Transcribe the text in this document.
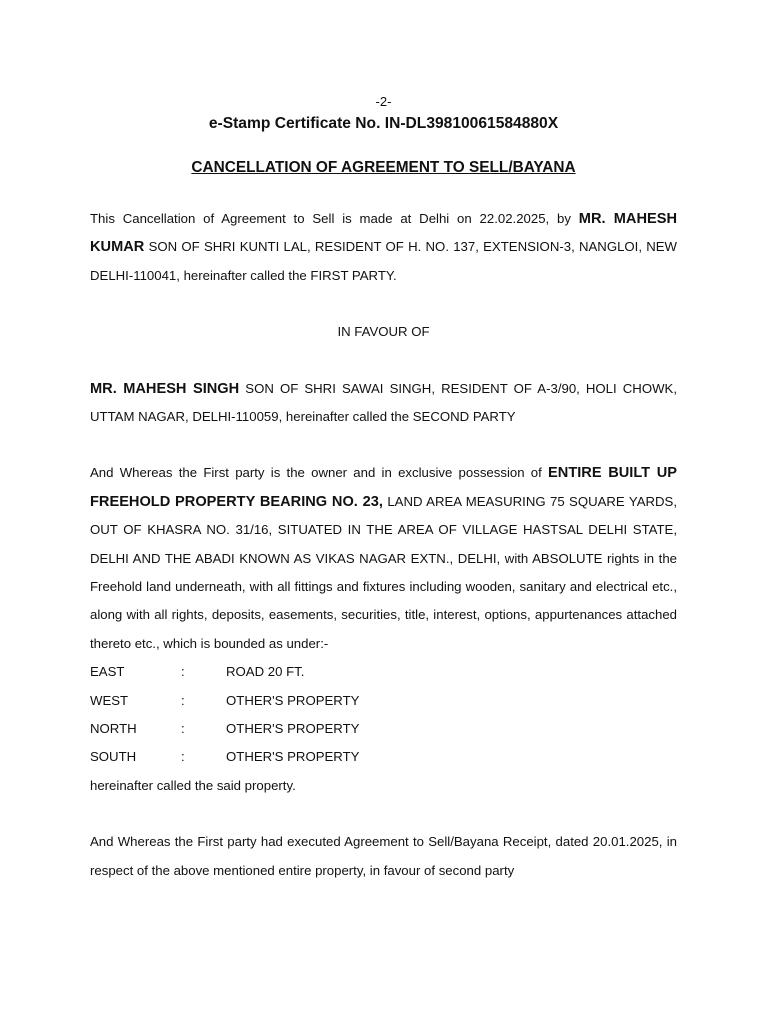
-2-
e-Stamp Certificate No. IN-DL39810061584880X
CANCELLATION OF AGREEMENT TO SELL/BAYANA

This Cancellation of Agreement to Sell is made at Delhi on 22.02.2025, by MR. MAHESH KUMAR SON OF SHRI KUNTI LAL, RESIDENT OF H. NO. 137, EXTENSION-3, NANGLOI, NEW DELHI-110041, hereinafter called the FIRST PARTY.

IN FAVOUR OF

MR. MAHESH SINGH SON OF SHRI SAWAI SINGH, RESIDENT OF A-3/90, HOLI CHOWK, UTTAM NAGAR, DELHI-110059, hereinafter called the SECOND PARTY

And Whereas the First party is the owner and in exclusive possession of ENTIRE BUILT UP FREEHOLD PROPERTY BEARING NO. 23, LAND AREA MEASURING 75 SQUARE YARDS, OUT OF KHASRA NO. 31/16, SITUATED IN THE AREA OF VILLAGE HASTSAL DELHI STATE, DELHI AND THE ABADI KNOWN AS VIKAS NAGAR EXTN., DELHI, with ABSOLUTE rights in the Freehold land underneath, with all fittings and fixtures including wooden, sanitary and electrical etc., along with all rights, deposits, easements, securities, title, interest, options, appurtenances attached thereto etc., which is bounded as under:-

EAST	:	ROAD 20 FT.
WEST	:	OTHER'S PROPERTY
NORTH	:	OTHER'S PROPERTY
SOUTH	:	OTHER'S PROPERTY
hereinafter called the said property.

And Whereas the First party had executed Agreement to Sell/Bayana Receipt, dated 20.01.2025, in respect of the above mentioned entire property, in favour of second party
